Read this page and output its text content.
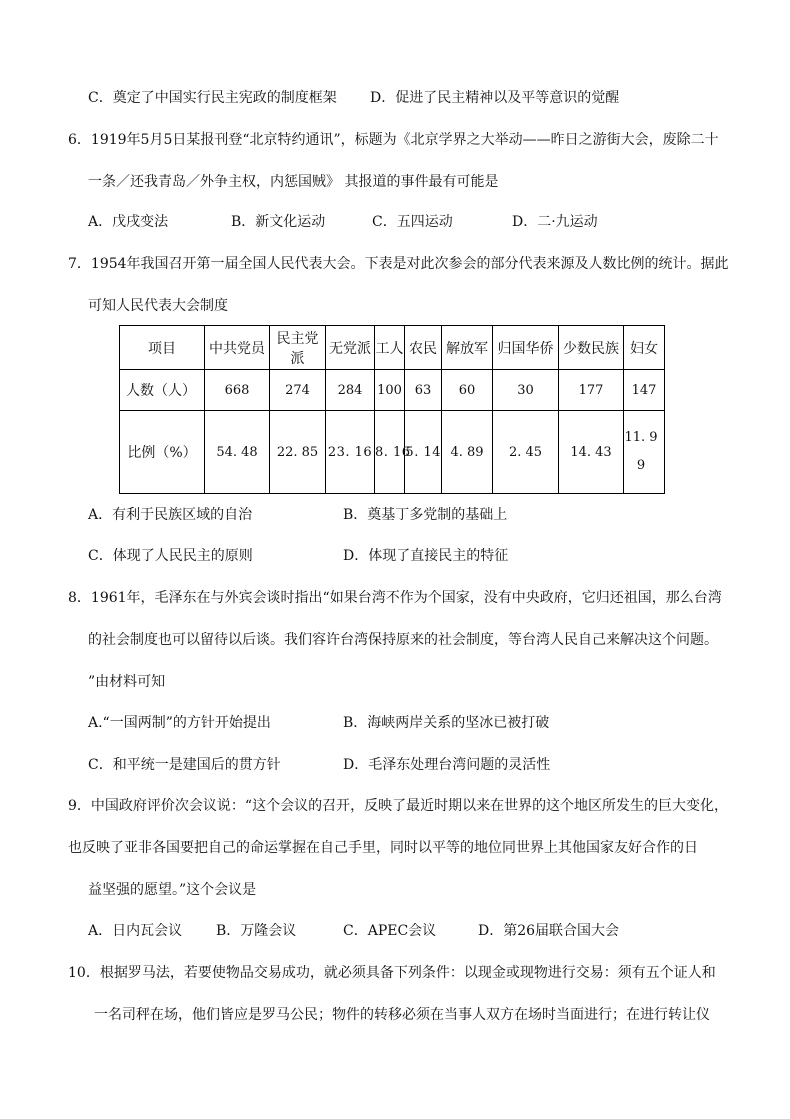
C．奠定了中国实行民主宪政的制度框架 D．促进了民主精神以及平等意识的觉醒
6．1919年5月5日某报刊登“北京特约通讯”，标题为《北京学界之大举动——昨日之游街大会，废除二十
一条／还我青岛／外争主权，内惩国贼》 其报道的事件最有可能是
A．戊戌变法	B．新文化运动	C．五四运动	D．二·九运动
7．1954年我国召开第一届全国人民代表大会。下表是对此次参会的部分代表来源及人数比例的统计。据此
可知人民代表大会制度
项目	中共党员	民主党派	无党派	工人	农民	解放军	归国华侨	少数民族	妇女
人数（人）	668	274	284	100	63	60	30	177	147
比例（%）	54. 48	22. 85	23. 16	8. 16	5. 14	4. 89	2. 45	14. 43	11. 9
9
A．有利于民族区域的自治	B．奠基丁多党制的基础上
C．体现了人民民主的原则	D．体现了直接民主的特征
8．1961年，毛泽东在与外宾会谈时指出“如果台湾不作为个国家，没有中央政府，它归还祖国，那么台湾
的社会制度也可以留待以后谈。我们容许台湾保持原来的社会制度，等台湾人民自己来解决这个问题。
”由材料可知
A.“一国两制”的方针开始提出	B．海峡两岸关系的坚冰已被打破
C．和平统一是建国后的贯方针	D．毛泽东处理台湾问题的灵活性
9．中国政府评价次会议说：“这个会议的召开，反映了最近时期以来在世界的这个地区所发生的巨大变化，
也反映了亚非各国要把自己的命运掌握在自己手里，同时以平等的地位同世界上其他国家友好合作的日
益坚强的愿望。”这个会议是
A．日内瓦会议 B．万隆会议	C．APEC会议	D．第26届联合国大会
10．根据罗马法，若要使物品交易成功，就必须具备下列条件：以现金或现物进行交易：须有五个证人和
一名司秤在场，他们皆应是罗马公民；物件的转移必须在当事人双方在场时当面进行；在进行转让仪
